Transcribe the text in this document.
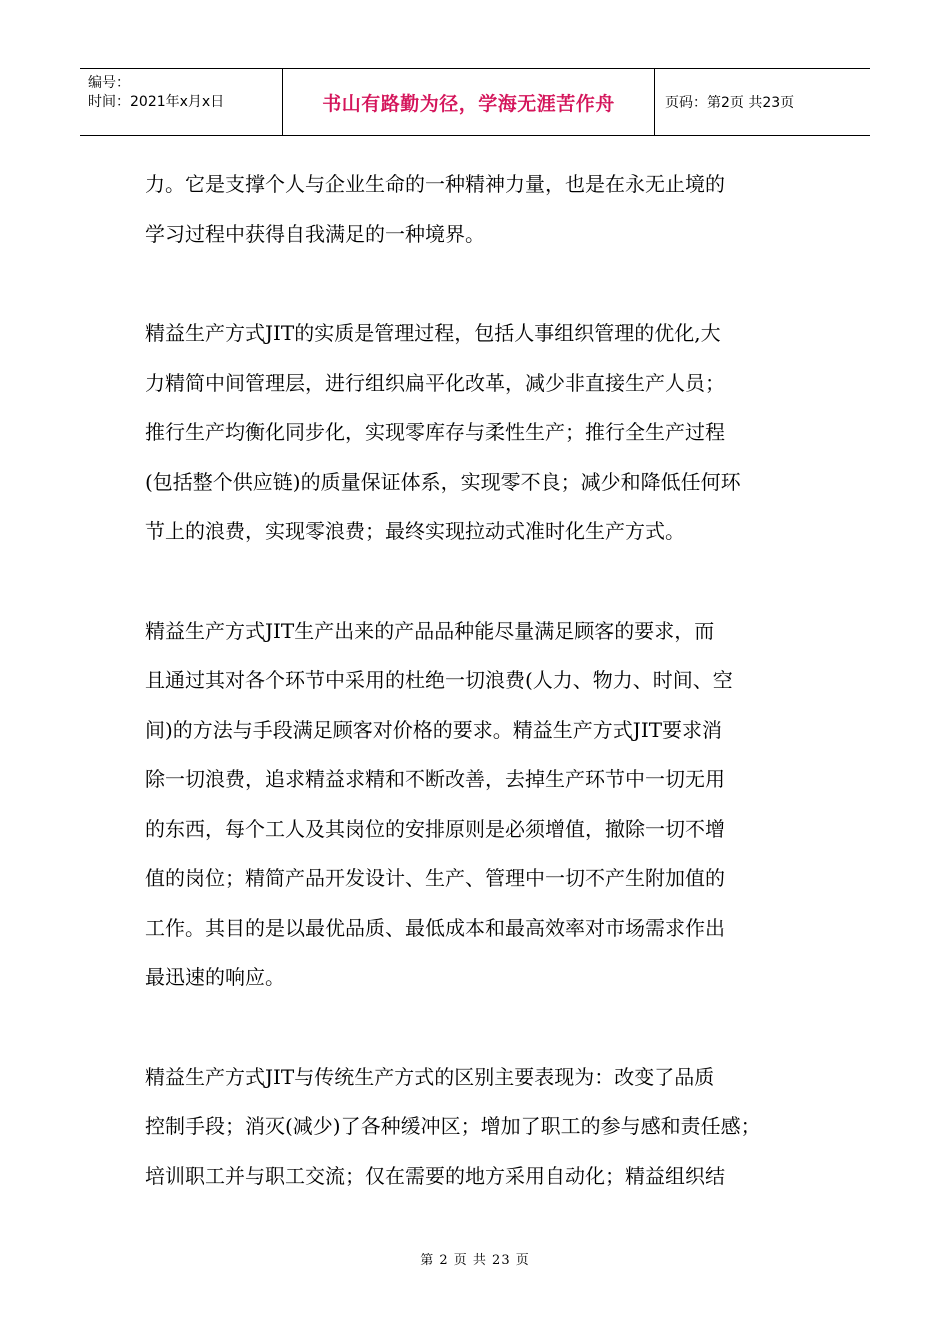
编号：
时间：2021年x月x日	书山有路勤为径，学海无涯苦作舟	页码：第2页 共23页

力。它是支撑个人与企业生命的一种精神力量，也是在永无止境的
学习过程中获得自我满足的一种境界。

精益生产方式JIT的实质是管理过程，包括人事组织管理的优化,大
力精简中间管理层，进行组织扁平化改革，减少非直接生产人员；
推行生产均衡化同步化，实现零库存与柔性生产；推行全生产过程
(包括整个供应链)的质量保证体系，实现零不良；减少和降低任何环
节上的浪费，实现零浪费；最终实现拉动式准时化生产方式。

精益生产方式JIT生产出来的产品品种能尽量满足顾客的要求，而
且通过其对各个环节中采用的杜绝一切浪费(人力、物力、时间、空
间)的方法与手段满足顾客对价格的要求。精益生产方式JIT要求消
除一切浪费，追求精益求精和不断改善，去掉生产环节中一切无用
的东西，每个工人及其岗位的安排原则是必须增值，撤除一切不增
值的岗位；精简产品开发设计、生产、管理中一切不产生附加值的
工作。其目的是以最优品质、最低成本和最高效率对市场需求作出
最迅速的响应。

精益生产方式JIT与传统生产方式的区别主要表现为：改变了品质
控制手段；消灭(减少)了各种缓冲区；增加了职工的参与感和责任感；
培训职工并与职工交流；仅在需要的地方采用自动化；精益组织结

第 2 页 共 23 页
